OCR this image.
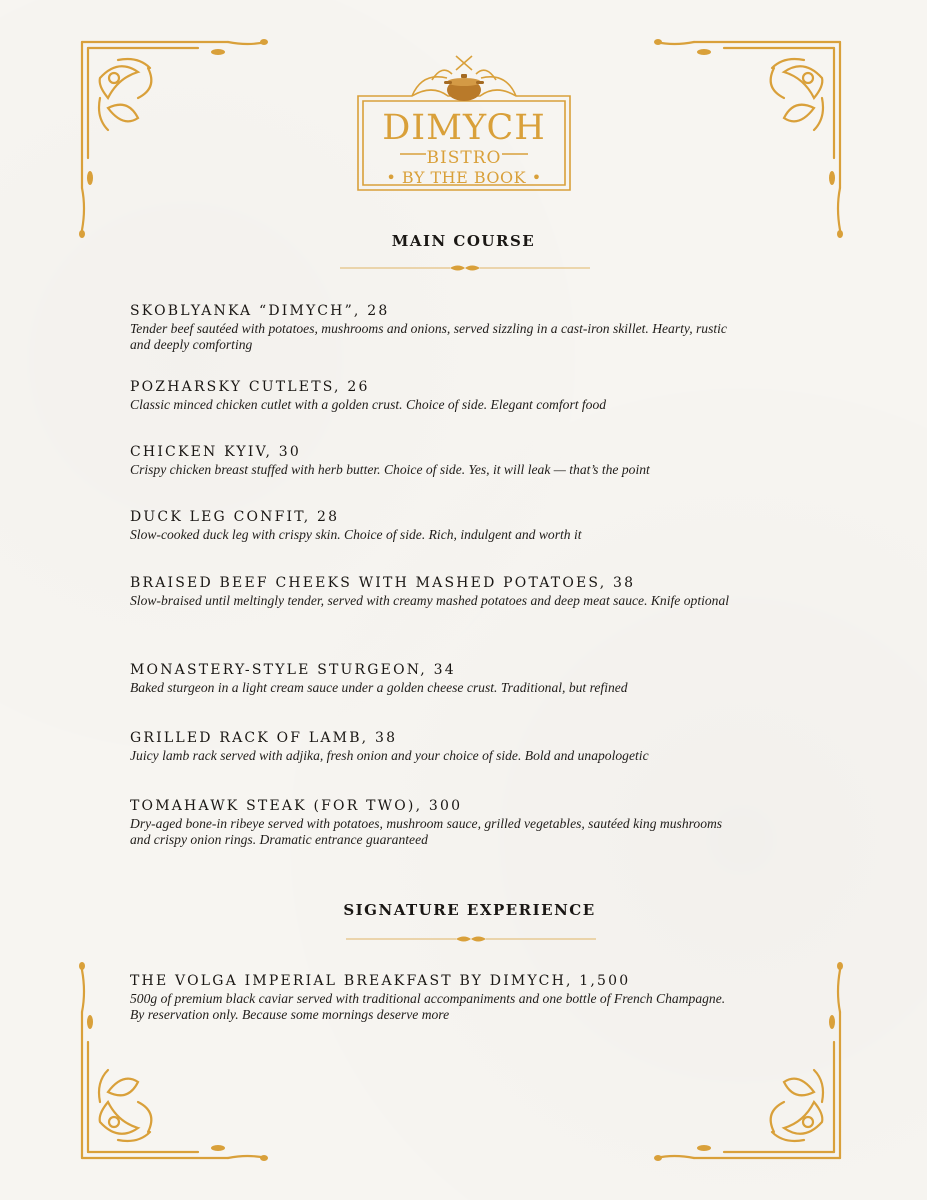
DIMYCH
BISTRO
• BY THE BOOK •
MAIN COURSE
SKOBLYANKA “DIMYCH”, 28
Tender beef sautéed with potatoes, mushrooms and onions, served sizzling in a cast-iron skillet. Hearty, rustic and deeply comforting
POZHARSKY CUTLETS, 26
Classic minced chicken cutlet with a golden crust. Choice of side. Elegant comfort food
CHICKEN KYIV, 30
Crispy chicken breast stuffed with herb butter. Choice of side. Yes, it will leak — that’s the point
DUCK LEG CONFIT, 28
Slow-cooked duck leg with crispy skin. Choice of side. Rich, indulgent and worth it
BRAISED BEEF CHEEKS WITH MASHED POTATOES, 38
Slow-braised until meltingly tender, served with creamy mashed potatoes and deep meat sauce. Knife optional
MONASTERY-STYLE STURGEON, 34
Baked sturgeon in a light cream sauce under a golden cheese crust. Traditional, but refined
GRILLED RACK OF LAMB, 38
Juicy lamb rack served with adjika, fresh onion and your choice of side. Bold and unapologetic
TOMAHAWK STEAK (FOR TWO), 300
Dry-aged bone-in ribeye served with potatoes, mushroom sauce, grilled vegetables, sautéed king mushrooms and crispy onion rings. Dramatic entrance guaranteed
SIGNATURE EXPERIENCE
THE VOLGA IMPERIAL BREAKFAST BY DIMYCH, 1,500
500g of premium black caviar served with traditional accompaniments and one bottle of French Champagne.
By reservation only. Because some mornings deserve more
